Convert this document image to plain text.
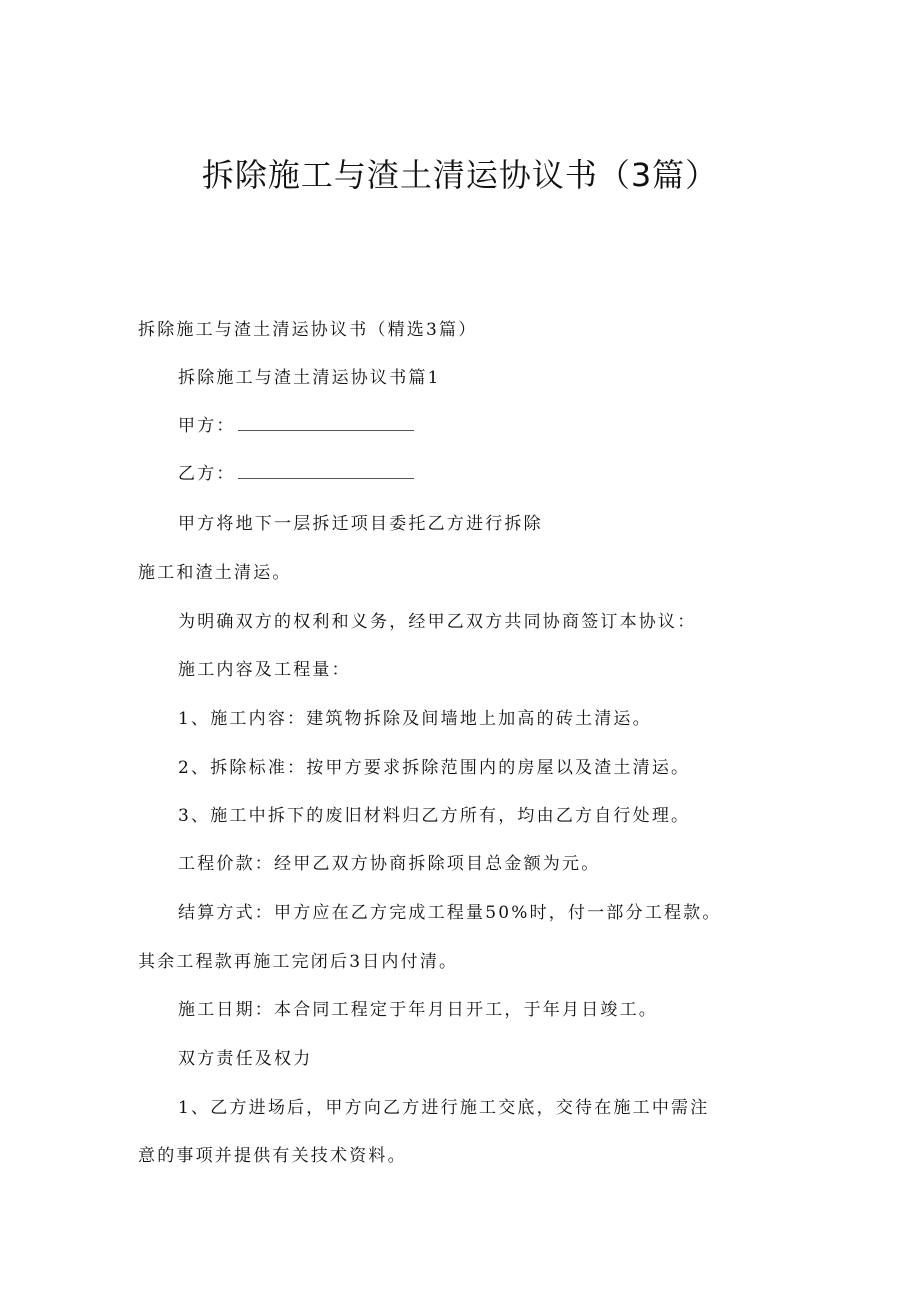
拆除施工与渣土清运协议书（3篇）
拆除施工与渣土清运协议书（精选3篇）
拆除施工与渣土清运协议书篇1
甲方：
乙方：
甲方将地下一层拆迁项目委托乙方进行拆除
施工和渣土清运。
为明确双方的权利和义务，经甲乙双方共同协商签订本协议：
施工内容及工程量：
1、施工内容：建筑物拆除及间墙地上加高的砖土清运。
2、拆除标准：按甲方要求拆除范围内的房屋以及渣土清运。
3、施工中拆下的废旧材料归乙方所有，均由乙方自行处理。
工程价款：经甲乙双方协商拆除项目总金额为元。
结算方式：甲方应在乙方完成工程量50%时，付一部分工程款。
其余工程款再施工完闭后3日内付清。
施工日期：本合同工程定于年月日开工，于年月日竣工。
双方责任及权力
1、乙方进场后，甲方向乙方进行施工交底，交待在施工中需注
意的事项并提供有关技术资料。
